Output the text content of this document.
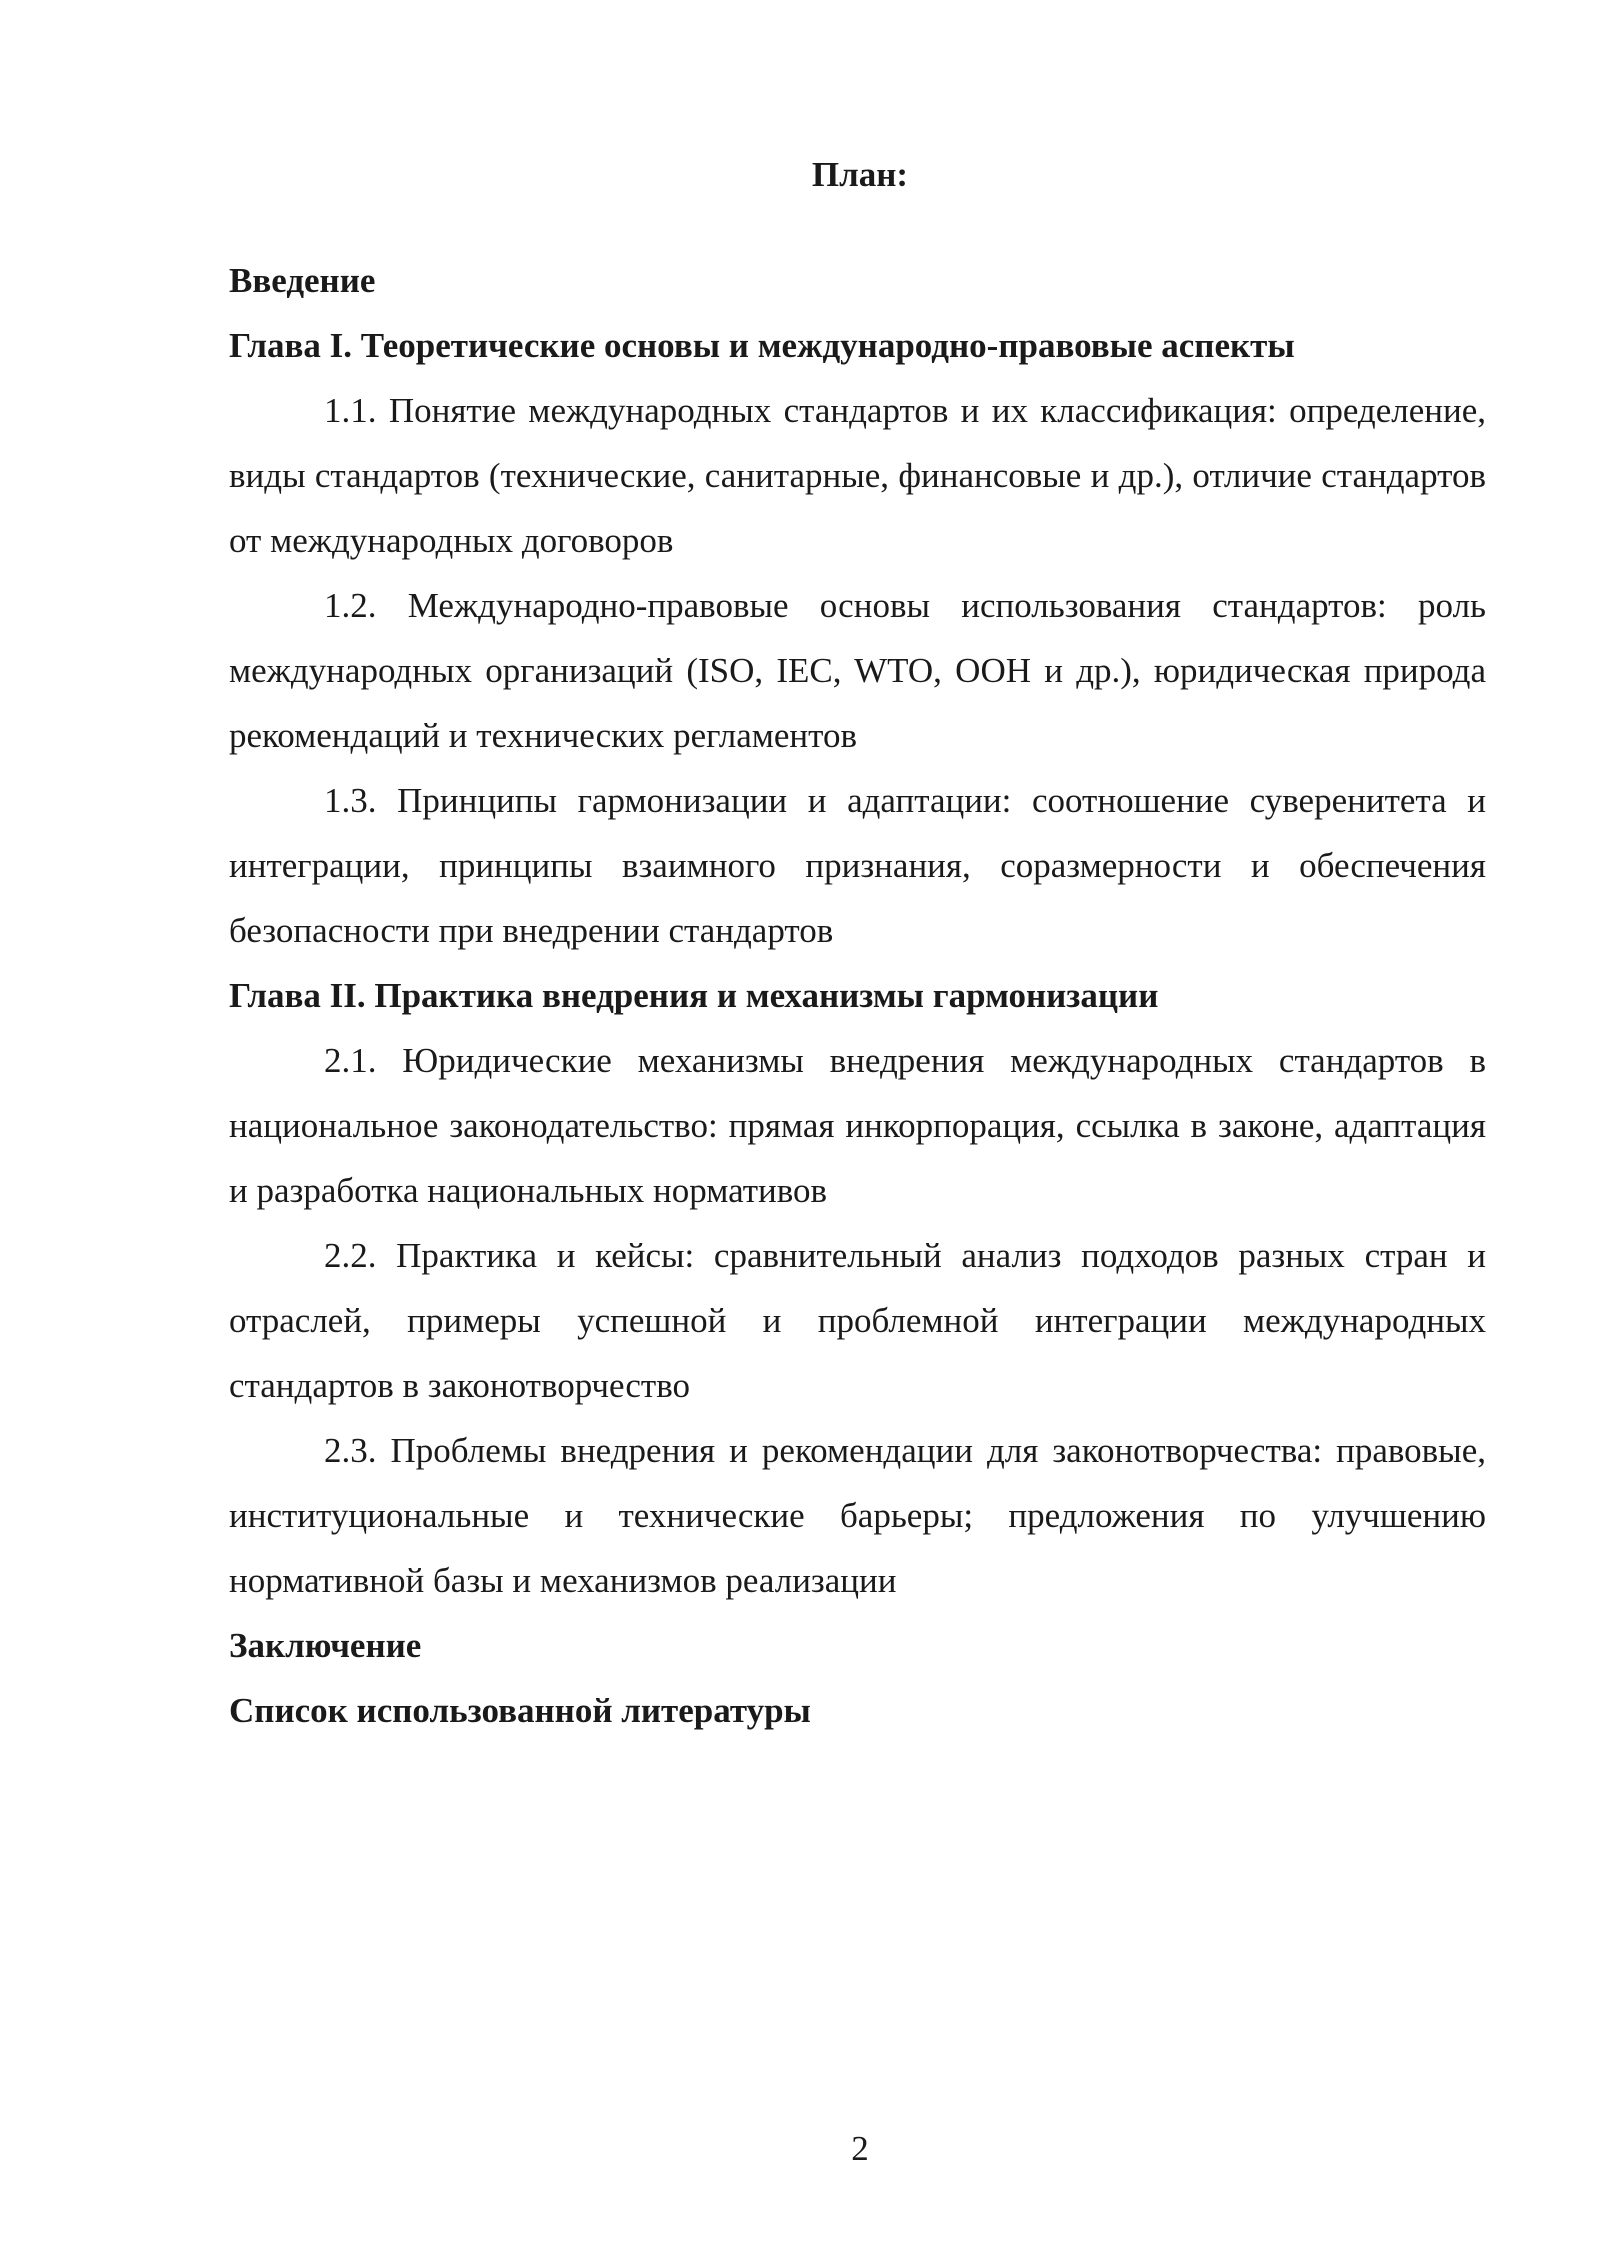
План:

Введение

Глава I. Теоретические основы и международно-правовые аспекты

1.1. Понятие международных стандартов и их классификация: определение, виды стандартов (технические, санитарные, финансовые и др.), отличие стандартов от международных договоров

1.2. Международно-правовые основы использования стандартов: роль международных организаций (ISO, IEC, WTO, ООН и др.), юридическая природа рекомендаций и технических регламентов

1.3. Принципы гармонизации и адаптации: соотношение суверенитета и интеграции, принципы взаимного признания, соразмерности и обеспечения безопасности при внедрении стандартов

Глава II. Практика внедрения и механизмы гармонизации

2.1. Юридические механизмы внедрения международных стандартов в национальное законодательство: прямая инкорпорация, ссылка в законе, адаптация и разработка национальных нормативов

2.2. Практика и кейсы: сравнительный анализ подходов разных стран и отраслей, примеры успешной и проблемной интеграции международных стандартов в законотворчество

2.3. Проблемы внедрения и рекомендации для законотворчества: правовые, институциональные и технические барьеры; предложения по улучшению нормативной базы и механизмов реализации

Заключение

Список использованной литературы

2
